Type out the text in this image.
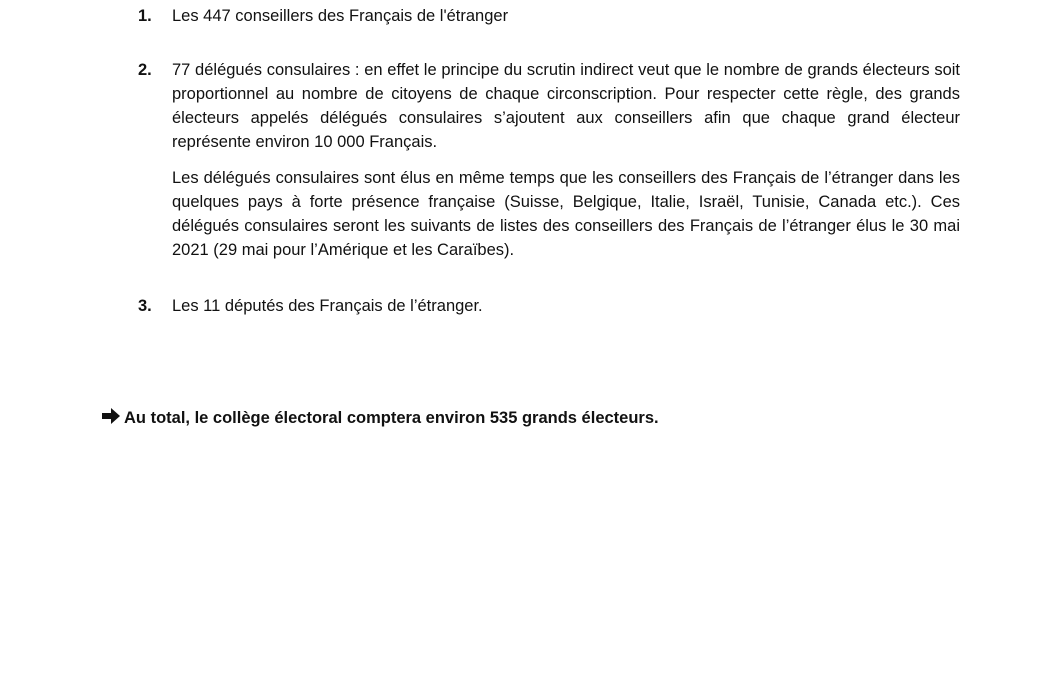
1.	Les 447 conseillers des Français de l'étranger

2.	77 délégués consulaires : en effet le principe du scrutin indirect veut que le nombre de grands électeurs soit proportionnel au nombre de citoyens de chaque circonscription. Pour respecter cette règle, des grands électeurs appelés délégués consulaires s’ajoutent aux conseillers afin que chaque grand électeur représente environ 10 000 Français.

Les délégués consulaires sont élus en même temps que les conseillers des Français de l’étranger dans les quelques pays à forte présence française (Suisse, Belgique, Italie, Israël, Tunisie, Canada etc.). Ces délégués consulaires seront les suivants de listes des conseillers des Français de l’étranger élus le 30 mai 2021 (29 mai pour l’Amérique et les Caraïbes).

3.	Les 11 députés des Français de l’étranger.

Au total, le collège électoral comptera environ 535 grands électeurs.
